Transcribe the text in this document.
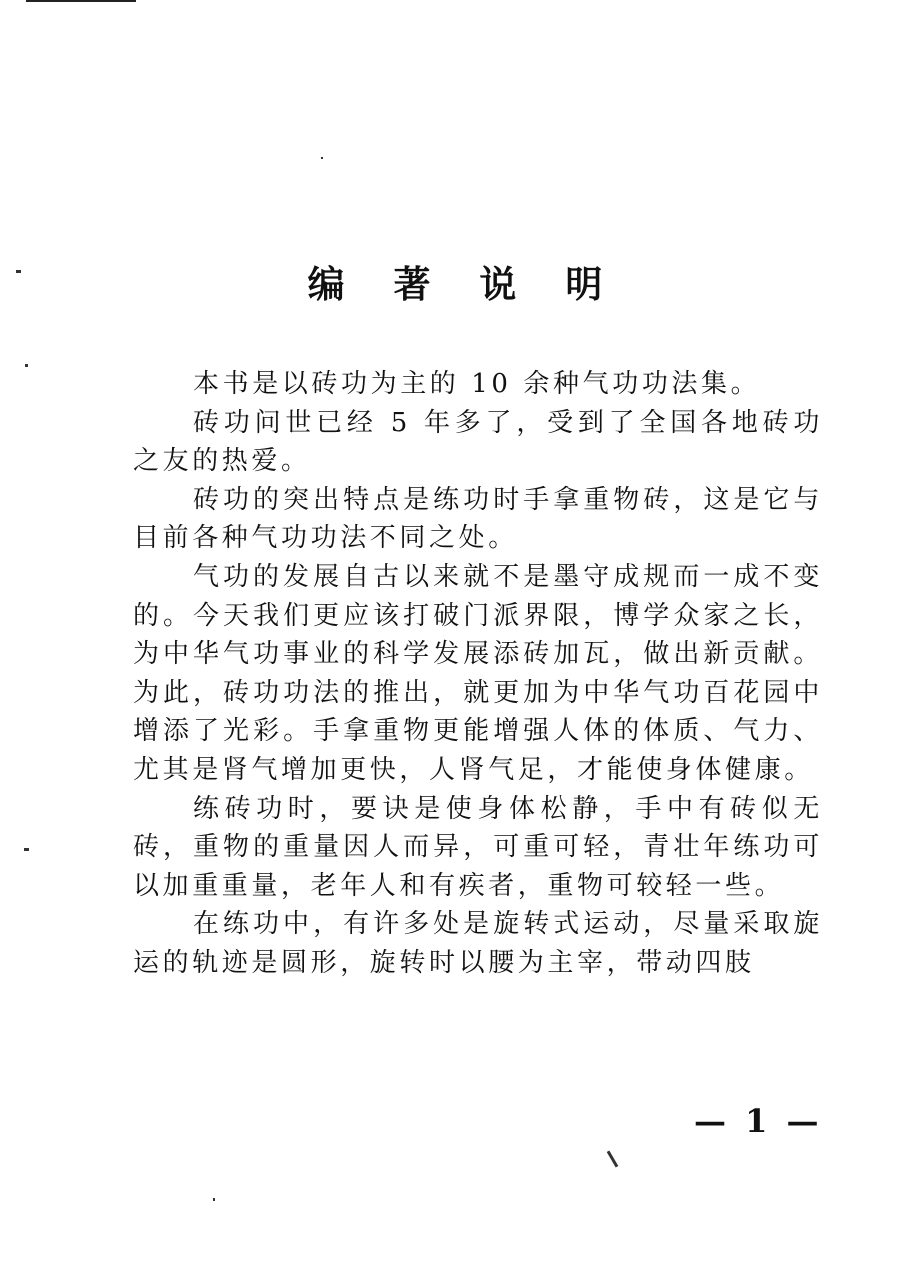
编 著 说 明

本书是以砖功为主的 10 余种气功功法集。

砖功问世已经 5 年多了，受到了全国各地砖功之友的热爱。

砖功的突出特点是练功时手拿重物砖，这是它与目前各种气功功法不同之处。

气功的发展自古以来就不是墨守成规而一成不变的。今天我们更应该打破门派界限，博学众家之长，为中华气功事业的科学发展添砖加瓦，做出新贡献。为此，砖功功法的推出，就更加为中华气功百花园中增添了光彩。手拿重物更能增强人体的体质、气力、尤其是肾气增加更快，人肾气足，才能使身体健康。

练砖功时，要诀是使身体松静，手中有砖似无砖，重物的重量因人而异，可重可轻，青壮年练功可以加重重量，老年人和有疾者，重物可较轻一些。

在练功中，有许多处是旋转式运动，尽量采取旋运的轨迹是圆形，旋转时以腰为主宰，带动四肢

— 1 —
